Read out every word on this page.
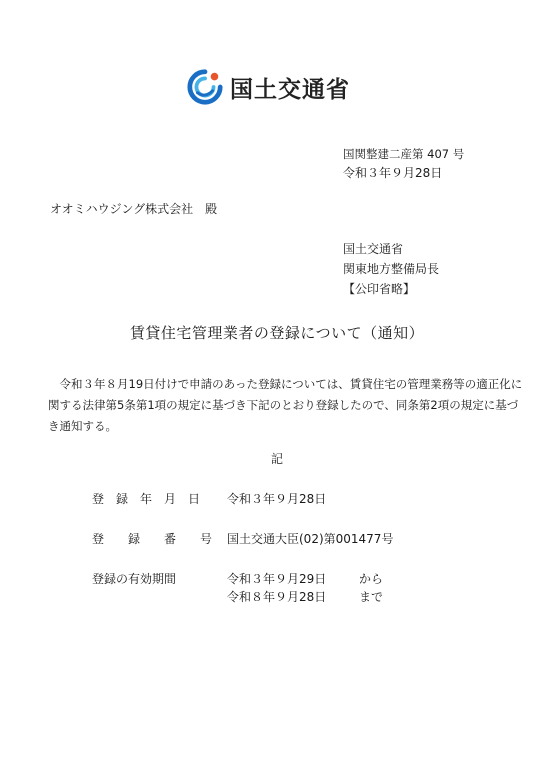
国土交通省
国関整建二産第 407 号
令和３年９月28日
オオミハウジング株式会社　殿
国土交通省
関東地方整備局長
【公印省略】
賃貸住宅管理業者の登録について（通知）

　令和３年８月19日付けで申請のあった登録については、賃貸住宅の管理業務等の適正化に関する法律第5条第1項の規定に基づき下記のとおり登録したので、同条第2項の規定に基づき通知する。

記
登　録　年　月　日 令和３年９月28日
登　　録　　番　　号 国土交通大臣(02)第001477号
登録の有効期間	令和３年９月29日	から
令和８年９月28日	まで
